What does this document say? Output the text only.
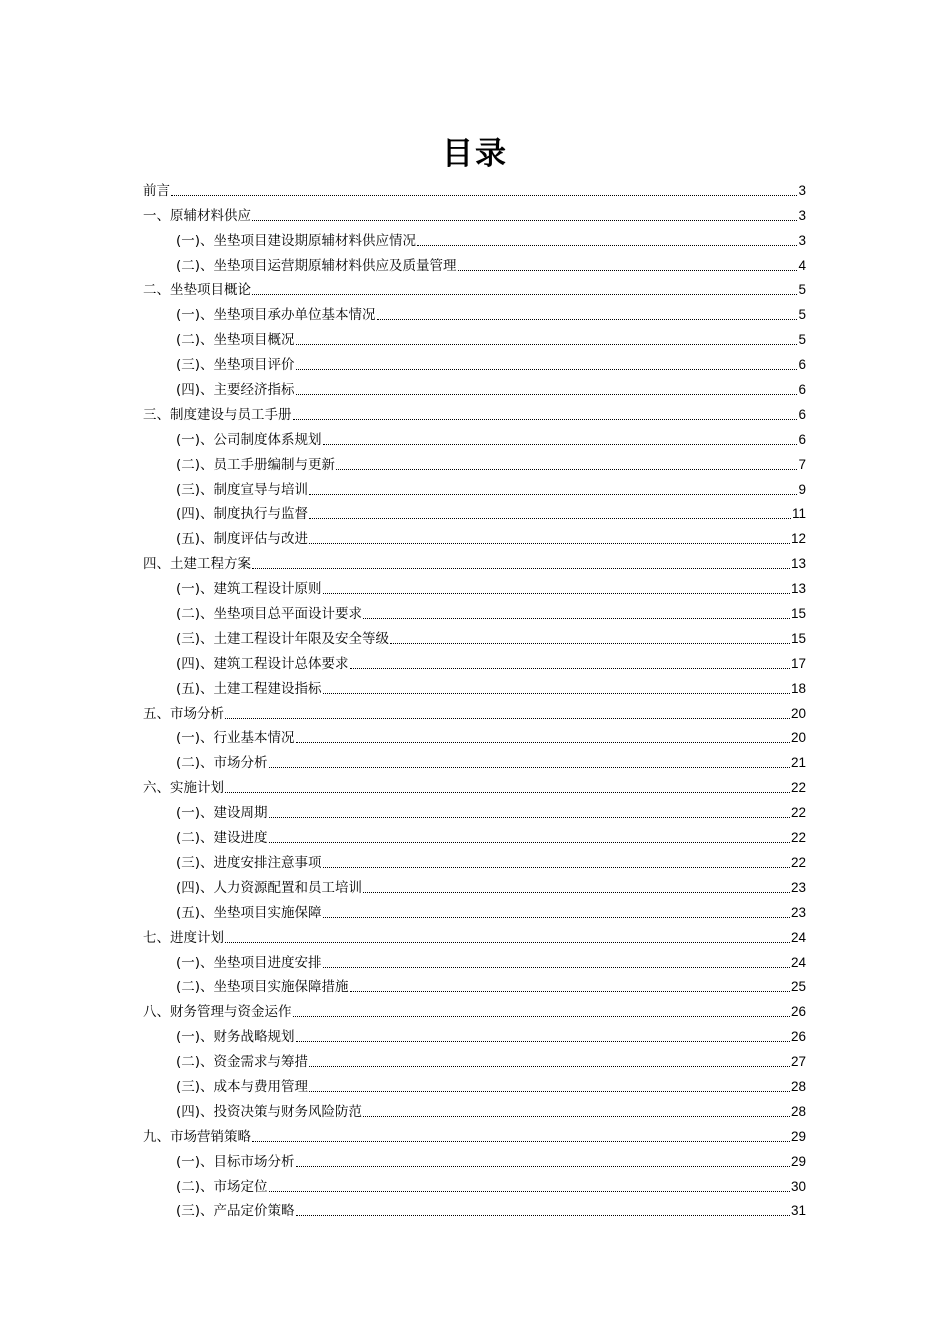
目录
前言	3
一、原辅材料供应	3
(一)、坐垫项目建设期原辅材料供应情况	3
(二)、坐垫项目运营期原辅材料供应及质量管理	4
二、坐垫项目概论	5
(一)、坐垫项目承办单位基本情况	5
(二)、坐垫项目概况	5
(三)、坐垫项目评价	6
(四)、主要经济指标	6
三、制度建设与员工手册	6
(一)、公司制度体系规划	6
(二)、员工手册编制与更新	7
(三)、制度宣导与培训	9
(四)、制度执行与监督	11
(五)、制度评估与改进	12
四、土建工程方案	13
(一)、建筑工程设计原则	13
(二)、坐垫项目总平面设计要求	15
(三)、土建工程设计年限及安全等级	15
(四)、建筑工程设计总体要求	17
(五)、土建工程建设指标	18
五、市场分析	20
(一)、行业基本情况	20
(二)、市场分析	21
六、实施计划	22
(一)、建设周期	22
(二)、建设进度	22
(三)、进度安排注意事项	22
(四)、人力资源配置和员工培训	23
(五)、坐垫项目实施保障	23
七、进度计划	24
(一)、坐垫项目进度安排	24
(二)、坐垫项目实施保障措施	25
八、财务管理与资金运作	26
(一)、财务战略规划	26
(二)、资金需求与筹措	27
(三)、成本与费用管理	28
(四)、投资决策与财务风险防范	28
九、市场营销策略	29
(一)、目标市场分析	29
(二)、市场定位	30
(三)、产品定价策略	31
